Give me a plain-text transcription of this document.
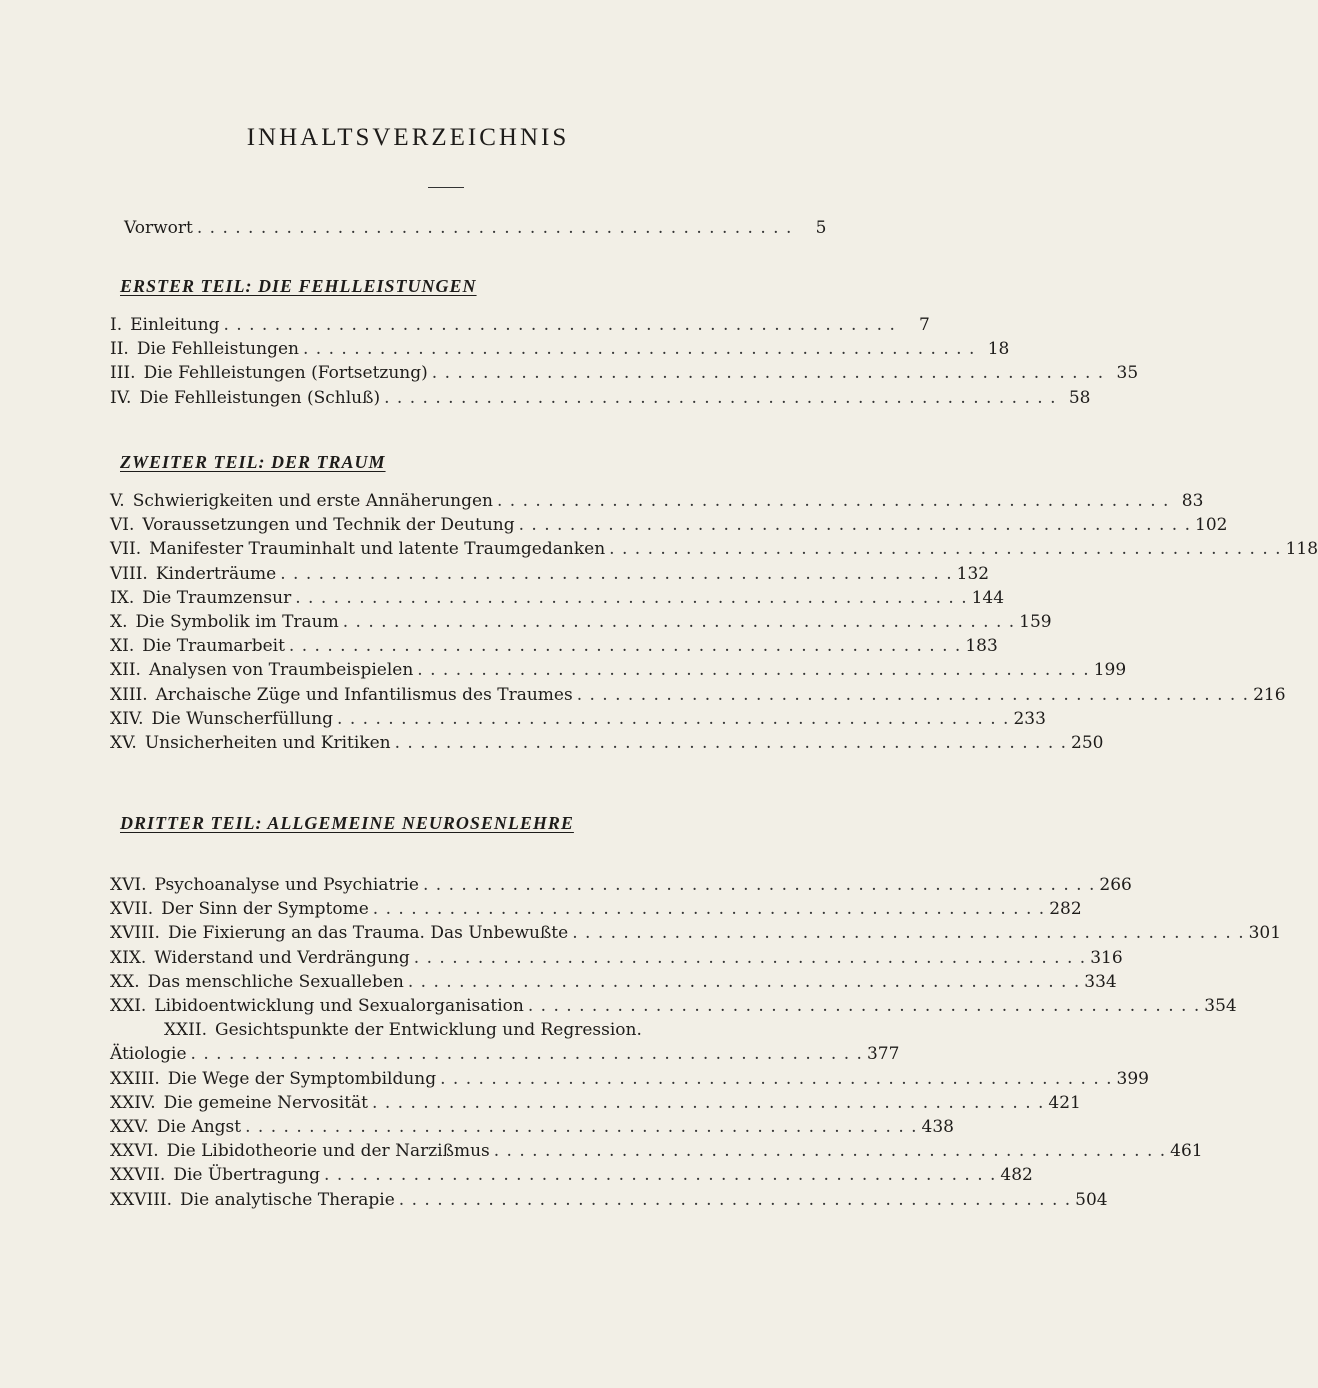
INHALTSVERZEICHNIS
Vorwort . . . . . . . . . . . . . . . . . . . . . . . . . . . . . . . . . . . . . . . . . . . . . . .	5
ERSTER TEIL: DIE FEHLLEISTUNGEN
I. Einleitung . . . . . . . . . . . . . . . . . . . . . . . . . . . . . . . . . . . . . . . . . . . . . . . . . . . . .	7
II. Die Fehlleistungen . . . . . . . . . . . . . . . . . . . . . . . . . . . . . . . . . . . . . . . . . . . . . . . . . . . . . 18
III. Die Fehlleistungen (Fortsetzung) . . . . . . . . . . . . . . . . . . . . . . . . . . . . . . . . . . . . . . . . . . . . . . . . . . . . . 35
IV. Die Fehlleistungen (Schluß) . . . . . . . . . . . . . . . . . . . . . . . . . . . . . . . . . . . . . . . . . . . . . . . . . . . . . 58
ZWEITER TEIL: DER TRAUM
V. Schwierigkeiten und erste Annäherungen . . . . . . . . . . . . . . . . . . . . . . . . . . . . . . . . . . . . . . . . . . . . . . . . . . . . . 83
VI. Voraussetzungen und Technik der Deutung . . . . . . . . . . . . . . . . . . . . . . . . . . . . . . . . . . . . . . . . . . . . . . . . . . . . . 102
VII. Manifester Trauminhalt und latente Traumgedanken . . . . . . . . . . . . . . . . . . . . . . . . . . . . . . . . . . . . . . . . . . . . . . . . . . . . . 118
VIII. Kinderträume . . . . . . . . . . . . . . . . . . . . . . . . . . . . . . . . . . . . . . . . . . . . . . . . . . . . . 132
IX. Die Traumzensur . . . . . . . . . . . . . . . . . . . . . . . . . . . . . . . . . . . . . . . . . . . . . . . . . . . . . 144
X. Die Symbolik im Traum . . . . . . . . . . . . . . . . . . . . . . . . . . . . . . . . . . . . . . . . . . . . . . . . . . . . . 159
XI. Die Traumarbeit . . . . . . . . . . . . . . . . . . . . . . . . . . . . . . . . . . . . . . . . . . . . . . . . . . . . . 183
XII. Analysen von Traumbeispielen . . . . . . . . . . . . . . . . . . . . . . . . . . . . . . . . . . . . . . . . . . . . . . . . . . . . . 199
XIII. Archaische Züge und Infantilismus des Traumes . . . . . . . . . . . . . . . . . . . . . . . . . . . . . . . . . . . . . . . . . . . . . . . . . . . . . 216
XIV. Die Wunscherfüllung . . . . . . . . . . . . . . . . . . . . . . . . . . . . . . . . . . . . . . . . . . . . . . . . . . . . . 233
XV. Unsicherheiten und Kritiken . . . . . . . . . . . . . . . . . . . . . . . . . . . . . . . . . . . . . . . . . . . . . . . . . . . . . 250
DRITTER TEIL: ALLGEMEINE NEUROSENLEHRE
XVI. Psychoanalyse und Psychiatrie . . . . . . . . . . . . . . . . . . . . . . . . . . . . . . . . . . . . . . . . . . . . . . . . . . . . . 266
XVII. Der Sinn der Symptome . . . . . . . . . . . . . . . . . . . . . . . . . . . . . . . . . . . . . . . . . . . . . . . . . . . . . 282
XVIII. Die Fixierung an das Trauma. Das Unbewußte . . . . . . . . . . . . . . . . . . . . . . . . . . . . . . . . . . . . . . . . . . . . . . . . . . . . . 301
XIX. Widerstand und Verdrängung . . . . . . . . . . . . . . . . . . . . . . . . . . . . . . . . . . . . . . . . . . . . . . . . . . . . . 316
XX. Das menschliche Sexualleben . . . . . . . . . . . . . . . . . . . . . . . . . . . . . . . . . . . . . . . . . . . . . . . . . . . . . 334
XXI. Libidoentwicklung und Sexualorganisation . . . . . . . . . . . . . . . . . . . . . . . . . . . . . . . . . . . . . . . . . . . . . . . . . . . . . 354
XXII. Gesichtspunkte der Entwicklung und Regression.
Ätiologie . . . . . . . . . . . . . . . . . . . . . . . . . . . . . . . . . . . . . . . . . . . . . . . . . . . . . 377
XXIII. Die Wege der Symptombildung . . . . . . . . . . . . . . . . . . . . . . . . . . . . . . . . . . . . . . . . . . . . . . . . . . . . . 399
XXIV. Die gemeine Nervosität . . . . . . . . . . . . . . . . . . . . . . . . . . . . . . . . . . . . . . . . . . . . . . . . . . . . . 421
XXV. Die Angst . . . . . . . . . . . . . . . . . . . . . . . . . . . . . . . . . . . . . . . . . . . . . . . . . . . . . 438
XXVI. Die Libidotheorie und der Narzißmus . . . . . . . . . . . . . . . . . . . . . . . . . . . . . . . . . . . . . . . . . . . . . . . . . . . . . 461
XXVII. Die Übertragung . . . . . . . . . . . . . . . . . . . . . . . . . . . . . . . . . . . . . . . . . . . . . . . . . . . . . 482
XXVIII. Die analytische Therapie . . . . . . . . . . . . . . . . . . . . . . . . . . . . . . . . . . . . . . . . . . . . . . . . . . . . . 504
